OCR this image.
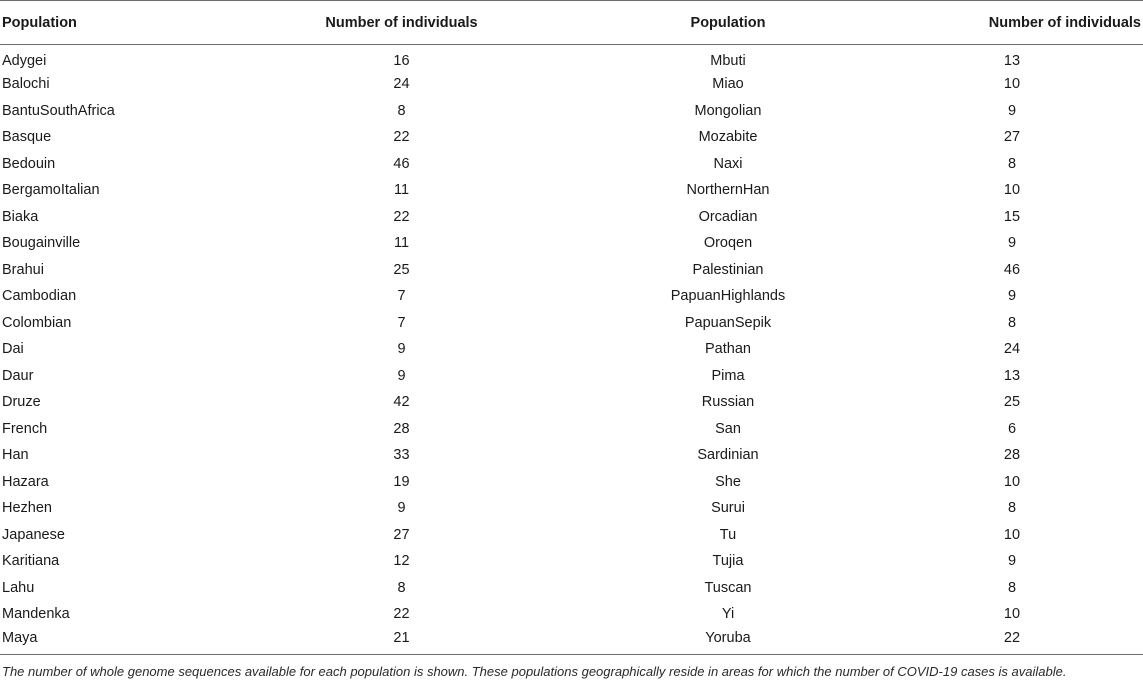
Population	Number of individuals	Population	Number of individuals
Adygei	16	Mbuti	13
Balochi	24	Miao	10
BantuSouthAfrica	8	Mongolian	9
Basque	22	Mozabite	27
Bedouin	46	Naxi	8
BergamoItalian	11	NorthernHan	10
Biaka	22	Orcadian	15
Bougainville	11	Oroqen	9
Brahui	25	Palestinian	46
Cambodian	7	PapuanHighlands	9
Colombian	7	PapuanSepik	8
Dai	9	Pathan	24
Daur	9	Pima	13
Druze	42	Russian	25
French	28	San	6
Han	33	Sardinian	28
Hazara	19	She	10
Hezhen	9	Surui	8
Japanese	27	Tu	10
Karitiana	12	Tujia	9
Lahu	8	Tuscan	8
Mandenka	22	Yi	10
Maya	21	Yoruba	22
The number of whole genome sequences available for each population is shown. These populations geographically reside in areas for which the number of COVID-19 cases is available.
